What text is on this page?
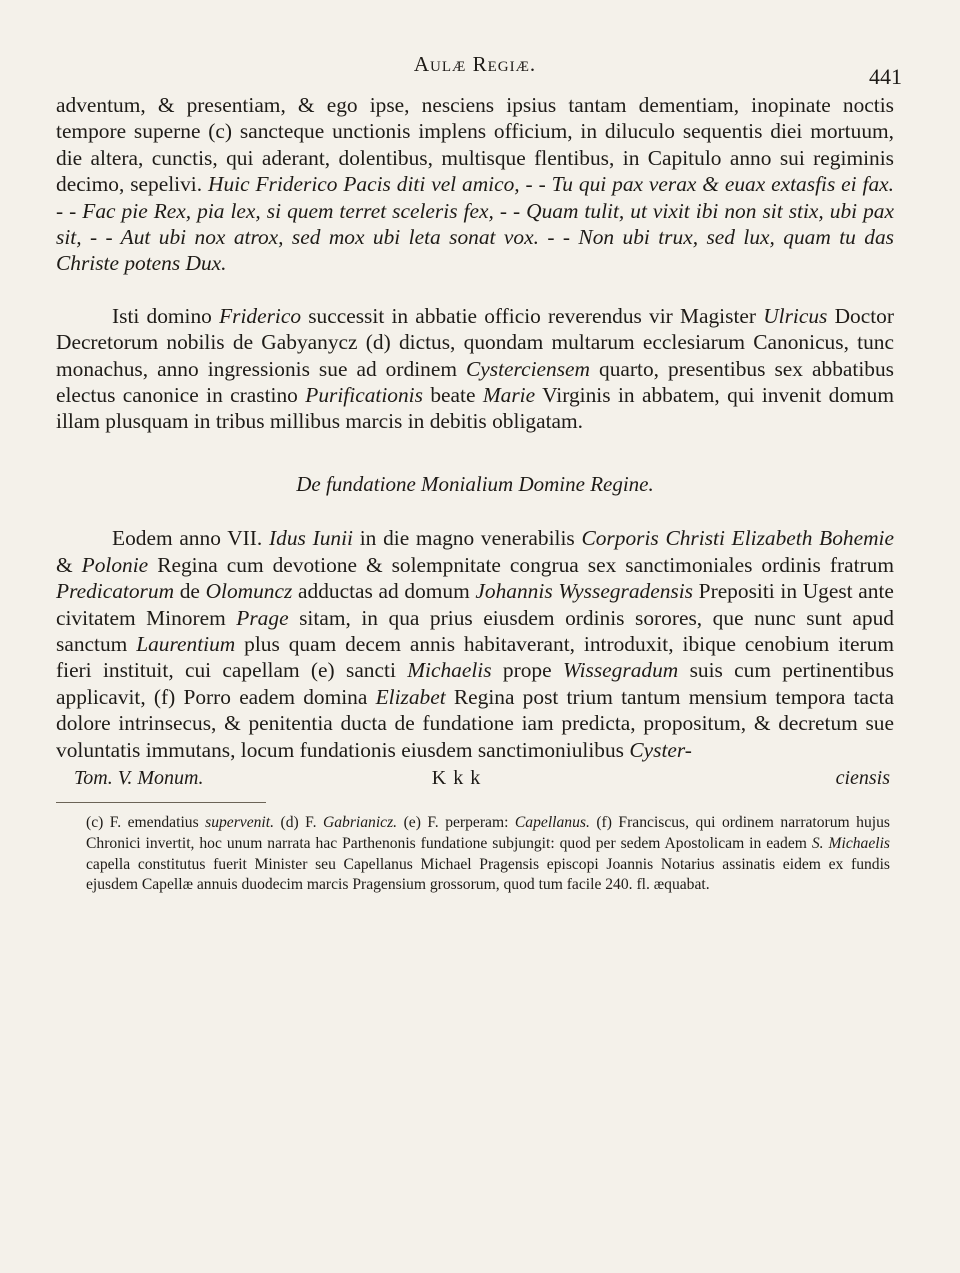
Aulæ Regiæ.	441

adventum, & presentiam, & ego ipse, nesciens ipsius tantam dementiam, inopinate noctis tempore superne (c) sancteque unctionis implens officium, in diluculo sequentis diei mortuum, die altera, cunctis, qui aderant, dolentibus, multisque flentibus, in Capitulo anno sui regiminis decimo, sepelivi. Huic Friderico Pacis diti vel amico, - - Tu qui pax verax & euax extasfis ei fax. - - Fac pie Rex, pia lex, si quem terret sceleris fex, - - Quam tulit, ut vixit ibi non sit stix, ubi pax sit, - - Aut ubi nox atrox, sed mox ubi leta sonat vox. - - Non ubi trux, sed lux, quam tu das Christe potens Dux.

Isti domino Friderico successit in abbatie officio reverendus vir Magister Ulricus Doctor Decretorum nobilis de Gabyanycz (d) dictus, quondam multarum ecclesiarum Canonicus, tunc monachus, anno ingressionis sue ad ordinem Cysterciensem quarto, presentibus sex abbatibus electus canonice in crastino Purificationis beate Marie Virginis in abbatem, qui invenit domum illam plusquam in tribus millibus marcis in debitis obligatam.

De fundatione Monialium Domine Regine.

Eodem anno VII. Idus Iunii in die magno venerabilis Corporis Christi Elizabeth Bohemie & Polonie Regina cum devotione & solempnitate congrua sex sanctimoniales ordinis fratrum Predicatorum de Olomuncz adductas ad domum Johannis Wyssegradensis Prepositi in Ugest ante civitatem Minorem Prage sitam, in qua prius eiusdem ordinis sorores, que nunc sunt apud sanctum Laurentium plus quam decem annis habitaverant, introduxit, ibique cenobium iterum fieri instituit, cui capellam (e) sancti Michaelis prope Wissegradum suis cum pertinentibus applicavit, (f) Porro eadem domina Elizabet Regina post trium tantum mensium tempora tacta dolore intrinsecus, & penitentia ducta de fundatione iam predicta, propositum, & decretum sue voluntatis immutans, locum fundationis eiusdem sanctimoniulibus Cyster-

Tom. V. Monum.	Kkk	ciensis

(c) F. emendatius supervenit. (d) F. Gabrianicz. (e) F. perperam: Capellanus. (f) Franciscus, qui ordinem narratorum hujus Chronici invertit, hoc unum narrata hac Parthenonis fundatione subjungit: quod per sedem Apostolicam in eadem S. Michaelis capella constitutus fuerit Minister seu Capellanus Michael Pragensis episcopi Joannis Notarius assinatis eidem ex fundis ejusdem Capellæ annuis duodecim marcis Pragensium grossorum, quod tum facile 240. fl. æquabat.
